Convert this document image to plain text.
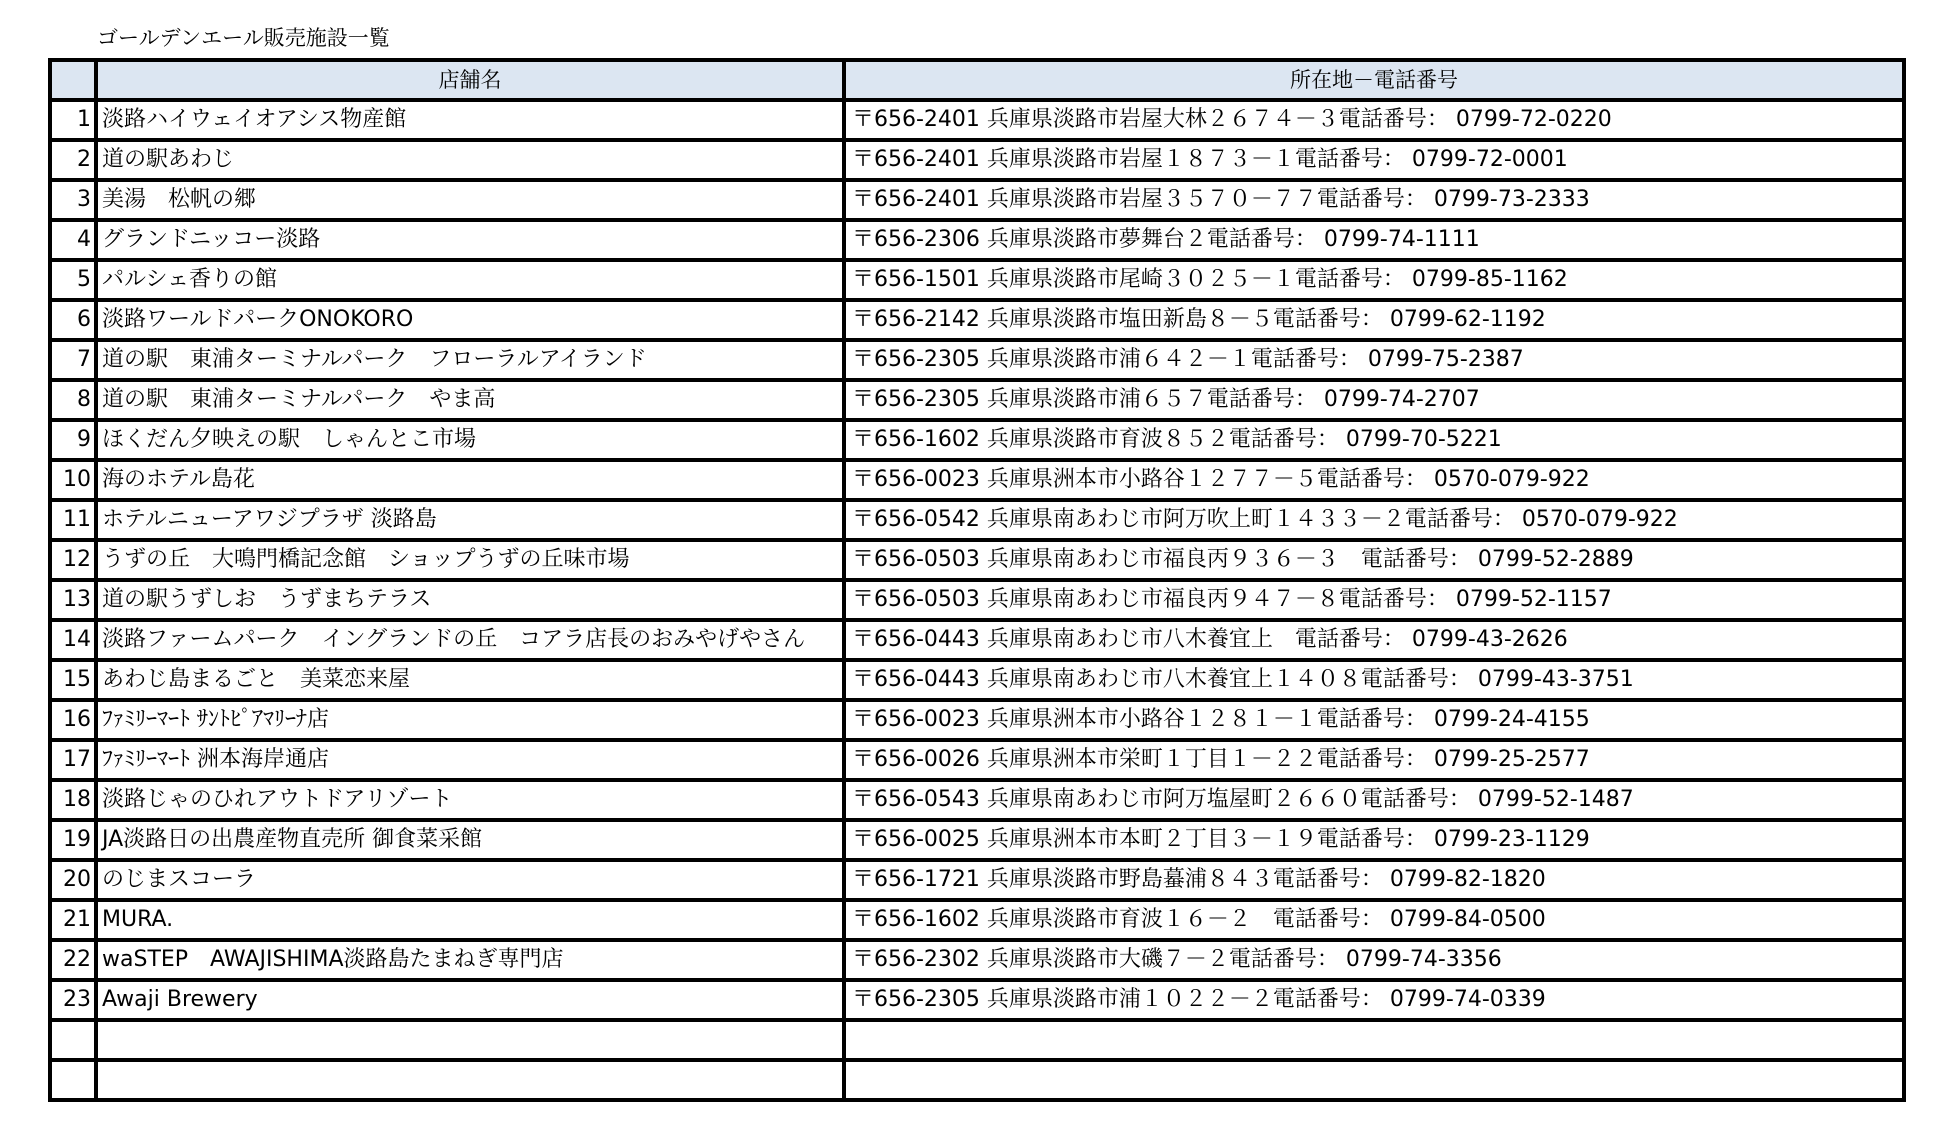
ゴールデンエール販売施設一覧
	店舗名	所在地－電話番号
1	淡路ハイウェイオアシス物産館	〒656-2401 兵庫県淡路市岩屋大林２６７４－３電話番号： 0799-72-0220
2	道の駅あわじ	〒656-2401 兵庫県淡路市岩屋１８７３－１電話番号： 0799-72-0001
3	美湯　松帆の郷	〒656-2401 兵庫県淡路市岩屋３５７０－７７電話番号： 0799-73-2333
4	グランドニッコー淡路	〒656-2306 兵庫県淡路市夢舞台２電話番号： 0799-74-1111
5	パルシェ香りの館	〒656-1501 兵庫県淡路市尾崎３０２５－１電話番号： 0799-85-1162
6	淡路ワールドパークONOKORO	〒656-2142 兵庫県淡路市塩田新島８－５電話番号： 0799-62-1192
7	道の駅　東浦ターミナルパーク　フローラルアイランド	〒656-2305 兵庫県淡路市浦６４２－１電話番号： 0799-75-2387
8	道の駅　東浦ターミナルパーク　やま高	〒656-2305 兵庫県淡路市浦６５７電話番号： 0799-74-2707
9	ほくだん夕映えの駅　しゃんとこ市場	〒656-1602 兵庫県淡路市育波８５２電話番号： 0799-70-5221
10	海のホテル島花	〒656-0023 兵庫県洲本市小路谷１２７７－５電話番号： 0570-079-922
11	ホテルニューアワジプラザ 淡路島	〒656-0542 兵庫県南あわじ市阿万吹上町１４３３－２電話番号： 0570-079-922
12	うずの丘　大鳴門橋記念館　ショップうずの丘味市場	〒656-0503 兵庫県南あわじ市福良丙９３６－３　電話番号： 0799-52-2889
13	道の駅うずしお　うずまちテラス	〒656-0503 兵庫県南あわじ市福良丙９４７－８電話番号： 0799-52-1157
14	淡路ファームパーク　イングランドの丘　コアラ店長のおみやげやさん	〒656-0443 兵庫県南あわじ市八木養宜上　電話番号： 0799-43-2626
15	あわじ島まるごと　美菜恋来屋	〒656-0443 兵庫県南あわじ市八木養宜上１４０８電話番号： 0799-43-3751
16	ﾌｧﾐﾘｰﾏｰﾄ ｻﾝﾄﾋﾟｱﾏﾘｰﾅ店	〒656-0023 兵庫県洲本市小路谷１２８１－１電話番号： 0799-24-4155
17	ﾌｧﾐﾘｰﾏｰﾄ 洲本海岸通店	〒656-0026 兵庫県洲本市栄町１丁目１－２２電話番号： 0799-25-2577
18	淡路じゃのひれアウトドアリゾート	〒656-0543 兵庫県南あわじ市阿万塩屋町２６６０電話番号： 0799-52-1487
19	JA淡路日の出農産物直売所 御食菜采館	〒656-0025 兵庫県洲本市本町２丁目３－１９電話番号： 0799-23-1129
20	のじまスコーラ	〒656-1721 兵庫県淡路市野島蟇浦８４３電話番号： 0799-82-1820
21	MURA.	〒656-1602 兵庫県淡路市育波１６－２　電話番号： 0799-84-0500
22	waSTEP　AWAJISHIMA淡路島たまねぎ専門店	〒656-2302 兵庫県淡路市大磯７－２電話番号： 0799-74-3356
23	Awaji Brewery	〒656-2305 兵庫県淡路市浦１０２２－２電話番号： 0799-74-0339
